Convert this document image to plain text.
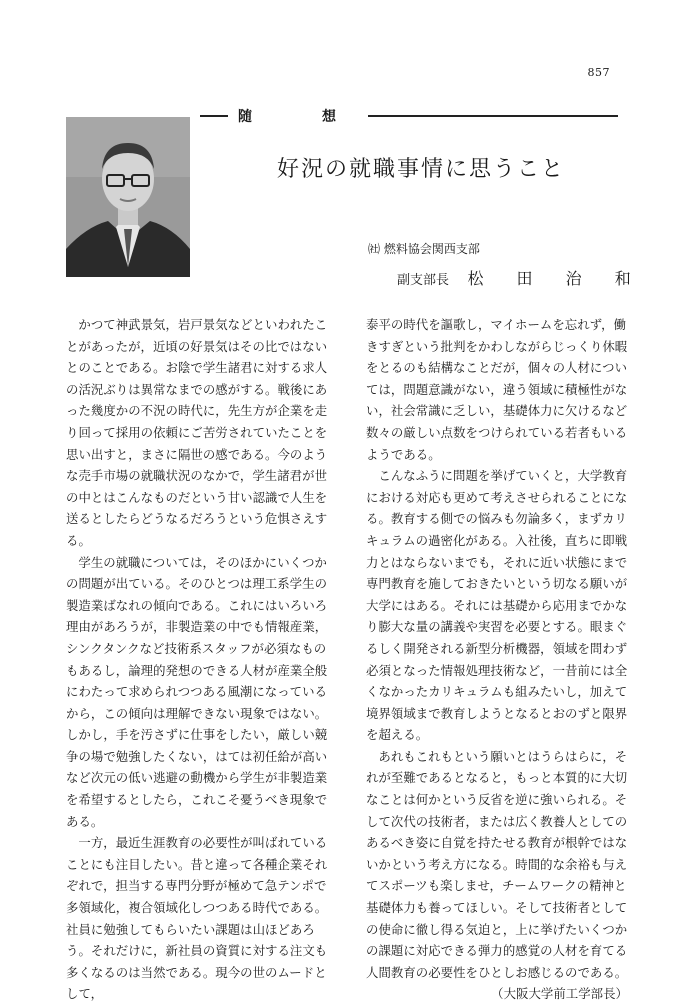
857
随　想
好況の就職事情に思うこと
㈳ 燃料協会関西支部
副支部長 松 田 治 和

かつて神武景気，岩戸景気などといわれたことがあったが，近頃の好景気はその比ではないとのことである。お陰で学生諸君に対する求人の活況ぶりは異常なまでの感がする。戦後にあった幾度かの不況の時代に，先生方が企業を走り回って採用の依頼にご苦労されていたことを思い出すと，まさに隔世の感である。今のような売手市場の就職状況のなかで，学生諸君が世の中とはこんなものだという甘い認識で人生を送るとしたらどうなるだろうという危惧さえする。

学生の就職については，そのほかにいくつかの問題が出ている。そのひとつは理工系学生の製造業ばなれの傾向である。これにはいろいろ理由があろうが，非製造業の中でも情報産業，シンクタンクなど技術系スタッフが必須なものもあるし，論理的発想のできる人材が産業全般にわたって求められつつある風潮になっているから，この傾向は理解できない現象ではない。しかし，手を汚さずに仕事をしたい，厳しい競争の場で勉強したくない，はては初任給が高いなど次元の低い逃避の動機から学生が非製造業を希望するとしたら，これこそ憂うべき現象である。

一方，最近生涯教育の必要性が叫ばれていることにも注目したい。昔と違って各種企業それぞれで，担当する専門分野が極めて急テンポで多領域化，複合領域化しつつある時代である。社員に勉強してもらいたい課題は山ほどあろう。それだけに，新社員の資質に対する注文も多くなるのは当然である。現今の世のムードとして，

泰平の時代を謳歌し，マイホームを忘れず，働きすぎという批判をかわしながらじっくり休暇をとるのも結構なことだが，個々の人材については，問題意識がない，違う領域に積極性がない，社会常識に乏しい，基礎体力に欠けるなど数々の厳しい点数をつけられている若者もいるようである。

こんなふうに問題を挙げていくと，大学教育における対応も更めて考えさせられることになる。教育する側での悩みも勿論多く，まずカリキュラムの過密化がある。入社後，直ちに即戦力とはならないまでも，それに近い状態にまで専門教育を施しておきたいという切なる願いが大学にはある。それには基礎から応用までかなり膨大な量の講義や実習を必要とする。眼まぐるしく開発される新型分析機器，領域を問わず必須となった情報処理技術など，一昔前には全くなかったカリキュラムも組みたいし，加えて境界領域まで教育しようとなるとおのずと限界を超える。

あれもこれもという願いとはうらはらに，それが至難であるとなると，もっと本質的に大切なことは何かという反省を逆に強いられる。そして次代の技術者，または広く教養人としてのあるべき姿に自覚を持たせる教育が根幹ではないかという考え方になる。時間的な余裕も与えてスポーツも楽しませ，チームワークの精神と基礎体力も養ってほしい。そして技術者としての使命に徹し得る気迫と，上に挙げたいくつかの課題に対応できる弾力的感覚の人材を育てる人間教育の必要性をひとしお感じるのである。

（大阪大学前工学部長）
